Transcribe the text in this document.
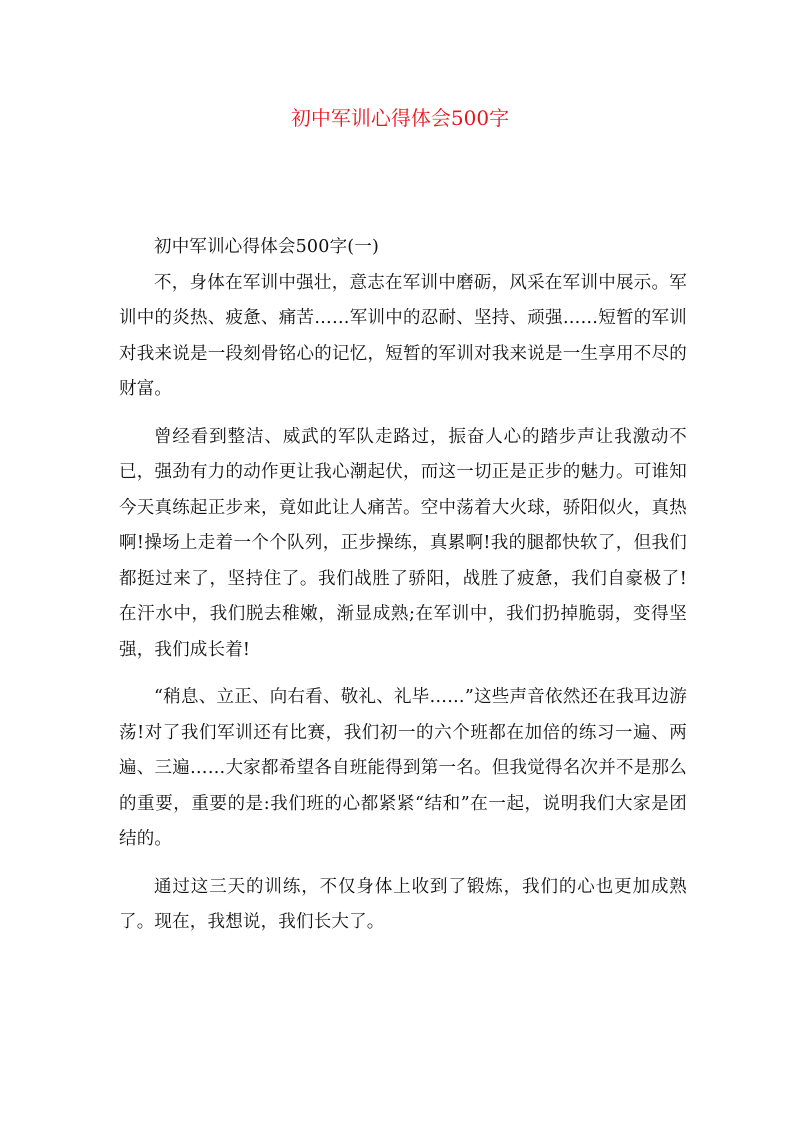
初中军训心得体会500字

初中军训心得体会500字(一)

不，身体在军训中强壮，意志在军训中磨砺，风采在军训中展示。军训中的炎热、疲惫、痛苦……军训中的忍耐、坚持、顽强……短暂的军训对我来说是一段刻骨铭心的记忆，短暂的军训对我来说是一生享用不尽的财富。

曾经看到整洁、威武的军队走路过，振奋人心的踏步声让我激动不已，强劲有力的动作更让我心潮起伏，而这一切正是正步的魅力。可谁知今天真练起正步来，竟如此让人痛苦。空中荡着大火球，骄阳似火，真热啊!操场上走着一个个队列，正步操练，真累啊!我的腿都快软了，但我们都挺过来了，坚持住了。我们战胜了骄阳，战胜了疲惫，我们自豪极了!在汗水中，我们脱去稚嫩，渐显成熟;在军训中，我们扔掉脆弱，变得坚强，我们成长着!

“稍息、立正、向右看、敬礼、礼毕……”这些声音依然还在我耳边游荡!对了我们军训还有比赛，我们初一的六个班都在加倍的练习一遍、两遍、三遍……大家都希望各自班能得到第一名。但我觉得名次并不是那么的重要，重要的是:我们班的心都紧紧“结和”在一起，说明我们大家是团结的。

通过这三天的训练，不仅身体上收到了锻炼，我们的心也更加成熟了。现在，我想说，我们长大了。
